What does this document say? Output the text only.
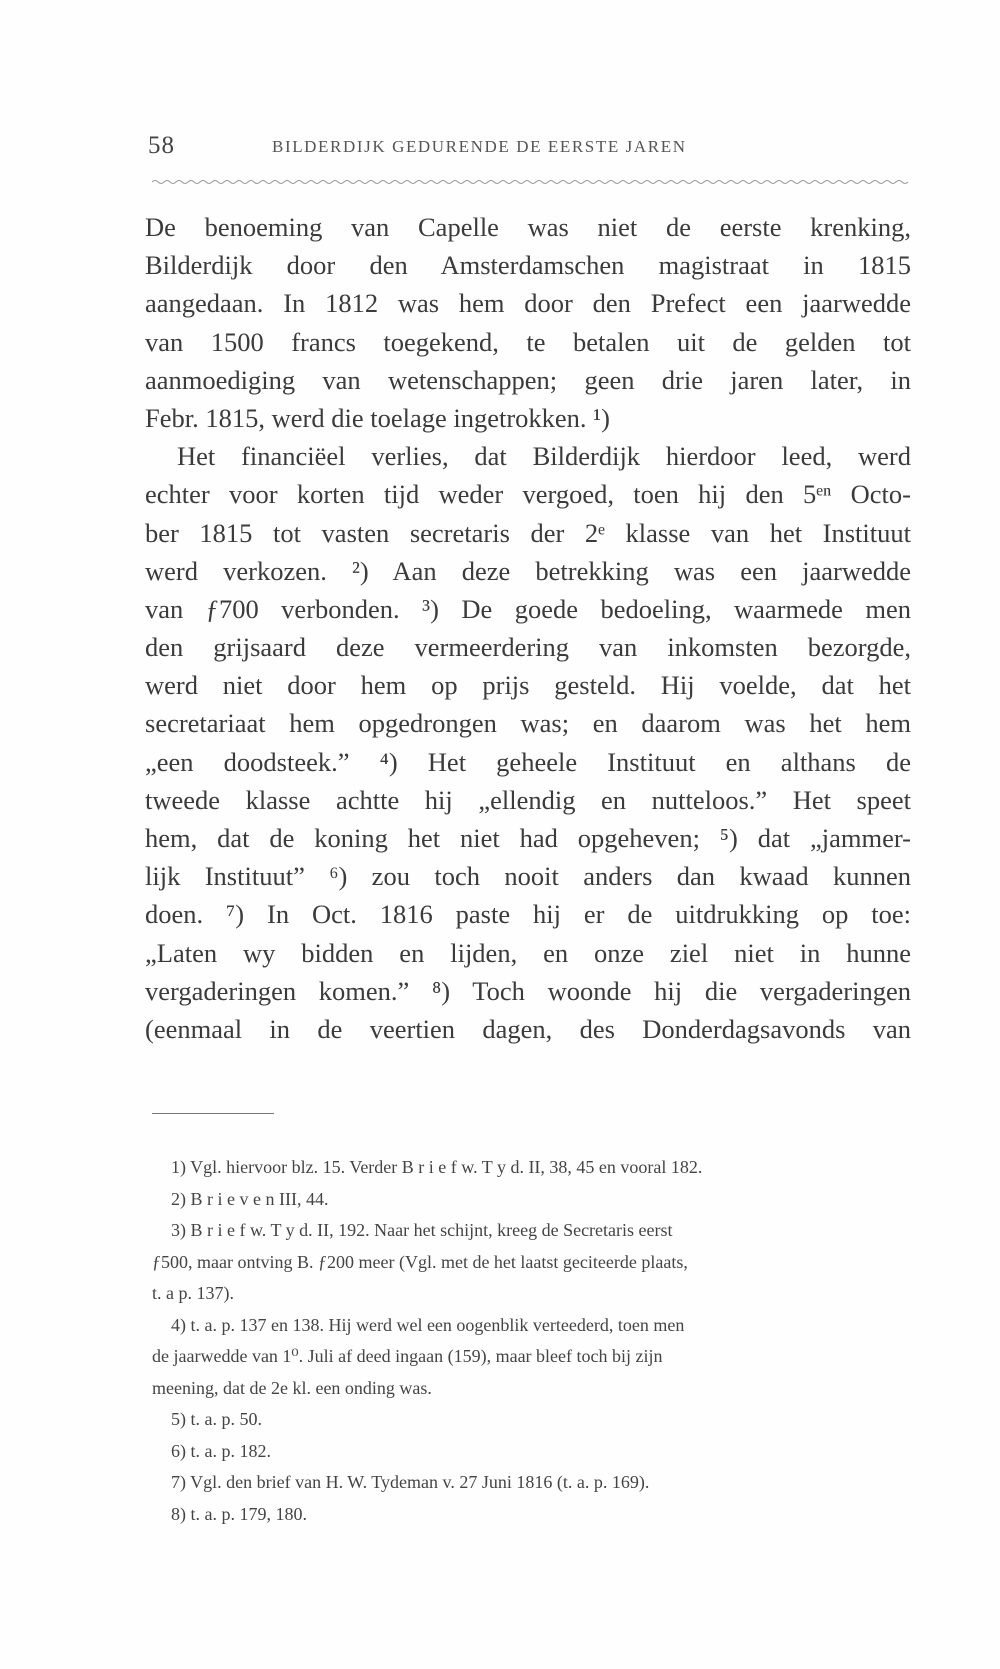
58	BILDERDIJK GEDURENDE DE EERSTE JAREN
De benoeming van Capelle was niet de eerste krenking,
Bilderdijk door den Amsterdamschen magistraat in 1815
aangedaan. In 1812 was hem door den Prefect een jaarwedde
van 1500 francs toegekend, te betalen uit de gelden tot
aanmoediging van wetenschappen; geen drie jaren later, in
Febr. 1815, werd die toelage ingetrokken. ¹)
Het financiëel verlies, dat Bilderdijk hierdoor leed, werd
echter voor korten tijd weder vergoed, toen hij den 5ᵉⁿ Octo-
ber 1815 tot vasten secretaris der 2ᵉ klasse van het Instituut
werd verkozen. ²) Aan deze betrekking was een jaarwedde
van ƒ700 verbonden. ³) De goede bedoeling, waarmede men
den grijsaard deze vermeerdering van inkomsten bezorgde,
werd niet door hem op prijs gesteld. Hij voelde, dat het
secretariaat hem opgedrongen was; en daarom was het hem
„een doodsteek.” ⁴) Het geheele Instituut en althans de
tweede klasse achtte hij „ellendig en nutteloos.” Het speet
hem, dat de koning het niet had opgeheven; ⁵) dat „jammer-
lijk Instituut” ⁶) zou toch nooit anders dan kwaad kunnen
doen. ⁷) In Oct. 1816 paste hij er de uitdrukking op toe:
„Laten wy bidden en lijden, en onze ziel niet in hunne
vergaderingen komen.” ⁸) Toch woonde hij die vergaderingen
(eenmaal in de veertien dagen, des Donderdagsavonds van
1) Vgl. hiervoor blz. 15. Verder B r i e f w. T y d. II, 38, 45 en vooral 182.
2) B r i e v e n III, 44.
3) B r i e f w. T y d. II, 192. Naar het schijnt, kreeg de Secretaris eerst
ƒ500, maar ontving B. ƒ200 meer (Vgl. met de het laatst geciteerde plaats,
t. a p. 137).
4) t. a. p. 137 en 138. Hij werd wel een oogenblik verteederd, toen men
de jaarwedde van 1⁰. Juli af deed ingaan (159), maar bleef toch bij zijn
meening, dat de 2e kl. een onding was.
5) t. a. p. 50.
6) t. a. p. 182.
7) Vgl. den brief van H. W. Tydeman v. 27 Juni 1816 (t. a. p. 169).
8) t. a. p. 179, 180.
